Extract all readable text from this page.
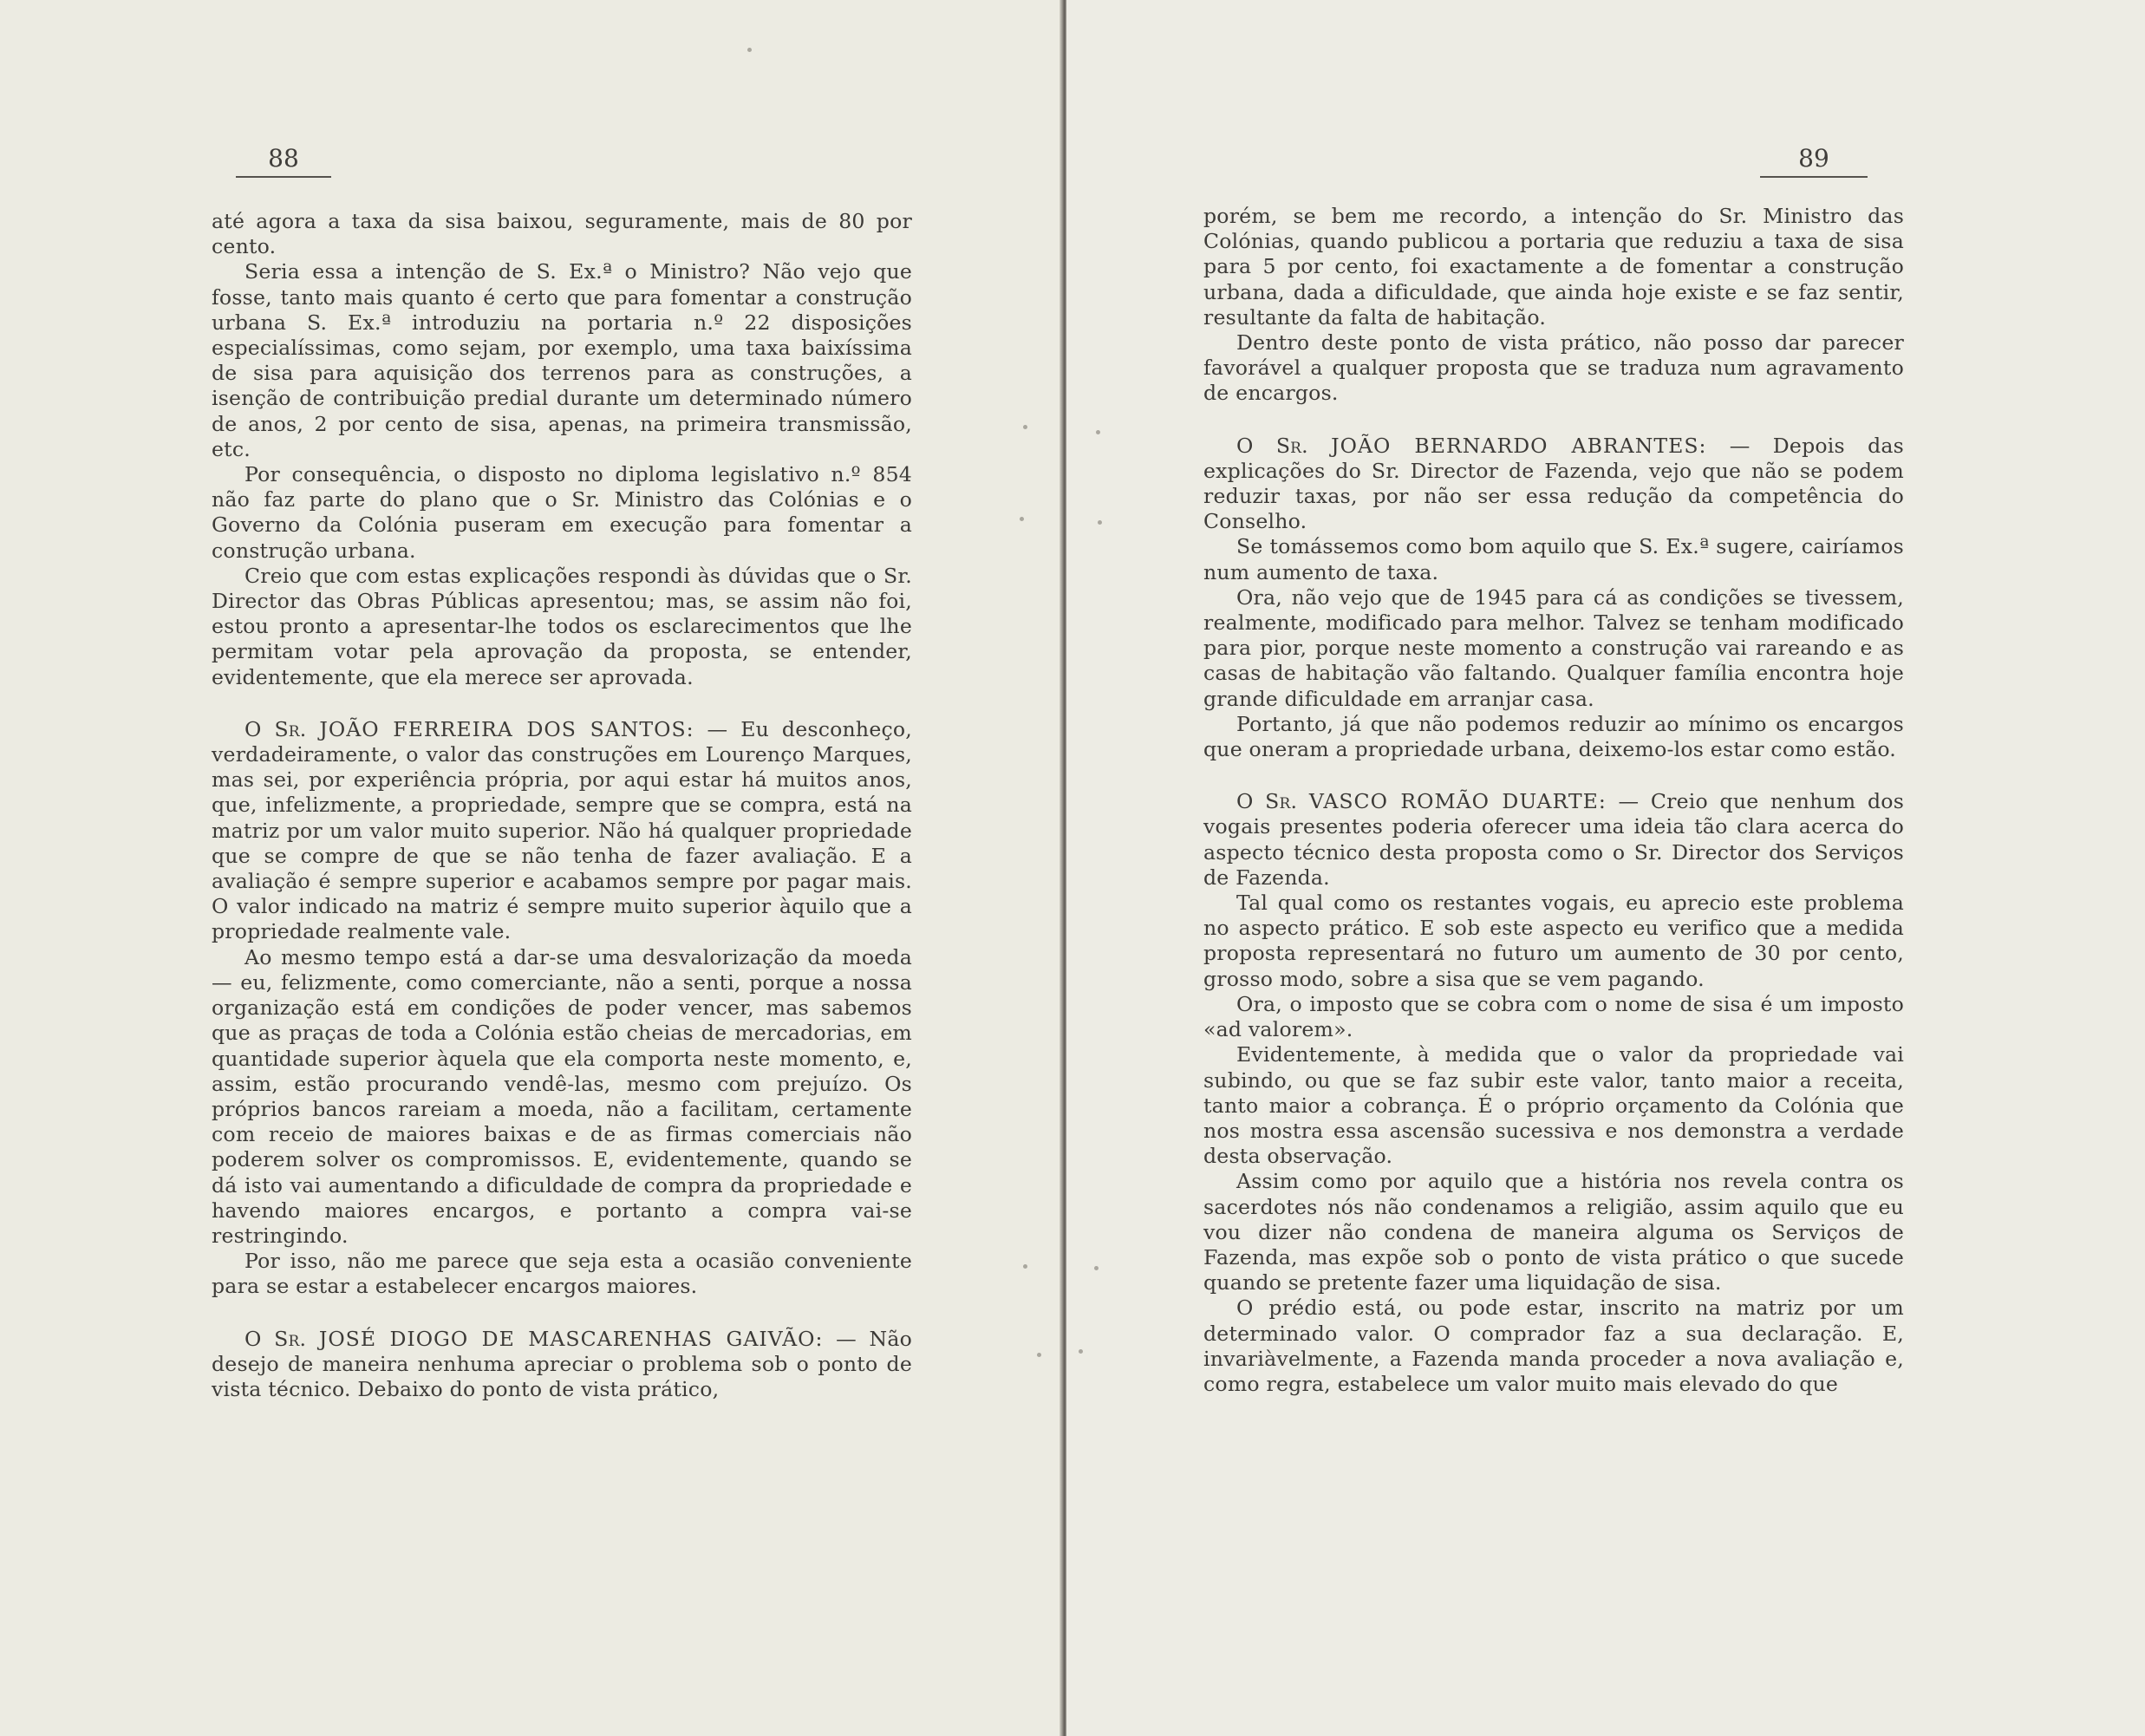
88

até agora a taxa da sisa baixou, seguramente, mais de 80 por cento.

Seria essa a intenção de S. Ex.ª o Ministro? Não vejo que fosse, tanto mais quanto é certo que para fomentar a construção urbana S. Ex.ª introduziu na portaria n.º 22 disposições especialíssimas, como sejam, por exemplo, uma taxa baixíssima de sisa para aquisição dos terrenos para as construções, a isenção de contribuição predial durante um determinado número de anos, 2 por cento de sisa, apenas, na primeira transmissão, etc.

Por consequência, o disposto no diploma legislativo n.º 854 não faz parte do plano que o Sr. Ministro das Colónias e o Governo da Colónia puseram em execução para fomentar a construção urbana.

Creio que com estas explicações respondi às dúvidas que o Sr. Director das Obras Públicas apresentou; mas, se assim não foi, estou pronto a apresentar-lhe todos os esclarecimentos que lhe permitam votar pela aprovação da proposta, se entender, evidentemente, que ela merece ser aprovada.

O Sr. JOÃO FERREIRA DOS SANTOS: — Eu desconheço, verdadeiramente, o valor das construções em Lourenço Marques, mas sei, por experiência própria, por aqui estar há muitos anos, que, infelizmente, a propriedade, sempre que se compra, está na matriz por um valor muito superior. Não há qualquer propriedade que se compre de que se não tenha de fazer avaliação. E a avaliação é sempre superior e acabamos sempre por pagar mais. O valor indicado na matriz é sempre muito superior àquilo que a propriedade realmente vale.

Ao mesmo tempo está a dar-se uma desvalorização da moeda — eu, felizmente, como comerciante, não a senti, porque a nossa organização está em condições de poder vencer, mas sabemos que as praças de toda a Colónia estão cheias de mercadorias, em quantidade superior àquela que ela comporta neste momento, e, assim, estão procurando vendê-las, mesmo com prejuízo. Os próprios bancos rareiam a moeda, não a facilitam, certamente com receio de maiores baixas e de as firmas comerciais não poderem solver os compromissos. E, evidentemente, quando se dá isto vai aumentando a dificuldade de compra da propriedade e havendo maiores encargos, e portanto a compra vai-se restringindo.

Por isso, não me parece que seja esta a ocasião conveniente para se estar a estabelecer encargos maiores.

O Sr. JOSÉ DIOGO DE MASCARENHAS GAIVÃO: — Não desejo de maneira nenhuma apreciar o problema sob o ponto de vista técnico. Debaixo do ponto de vista prático,

89

porém, se bem me recordo, a intenção do Sr. Ministro das Colónias, quando publicou a portaria que reduziu a taxa de sisa para 5 por cento, foi exactamente a de fomentar a construção urbana, dada a dificuldade, que ainda hoje existe e se faz sentir, resultante da falta de habitação.

Dentro deste ponto de vista prático, não posso dar parecer favorável a qualquer proposta que se traduza num agravamento de encargos.

O Sr. JOÃO BERNARDO ABRANTES: — Depois das explicações do Sr. Director de Fazenda, vejo que não se podem reduzir taxas, por não ser essa redução da competência do Conselho.

Se tomássemos como bom aquilo que S. Ex.ª sugere, cairíamos num aumento de taxa.

Ora, não vejo que de 1945 para cá as condições se tivessem, realmente, modificado para melhor. Talvez se tenham modificado para pior, porque neste momento a construção vai rareando e as casas de habitação vão faltando. Qualquer família encontra hoje grande dificuldade em arranjar casa.

Portanto, já que não podemos reduzir ao mínimo os encargos que oneram a propriedade urbana, deixemo-los estar como estão.

O Sr. VASCO ROMÃO DUARTE: — Creio que nenhum dos vogais presentes poderia oferecer uma ideia tão clara acerca do aspecto técnico desta proposta como o Sr. Director dos Serviços de Fazenda.

Tal qual como os restantes vogais, eu aprecio este problema no aspecto prático. E sob este aspecto eu verifico que a medida proposta representará no futuro um aumento de 30 por cento, grosso modo, sobre a sisa que se vem pagando.

Ora, o imposto que se cobra com o nome de sisa é um imposto «ad valorem».

Evidentemente, à medida que o valor da propriedade vai subindo, ou que se faz subir este valor, tanto maior a receita, tanto maior a cobrança. É o próprio orçamento da Colónia que nos mostra essa ascensão sucessiva e nos demonstra a verdade desta observação.

Assim como por aquilo que a história nos revela contra os sacerdotes nós não condenamos a religião, assim aquilo que eu vou dizer não condena de maneira alguma os Serviços de Fazenda, mas expõe sob o ponto de vista prático o que sucede quando se pretente fazer uma liquidação de sisa.

O prédio está, ou pode estar, inscrito na matriz por um determinado valor. O comprador faz a sua declaração. E, invariàvelmente, a Fazenda manda proceder a nova avaliação e, como regra, estabelece um valor muito mais elevado do que
